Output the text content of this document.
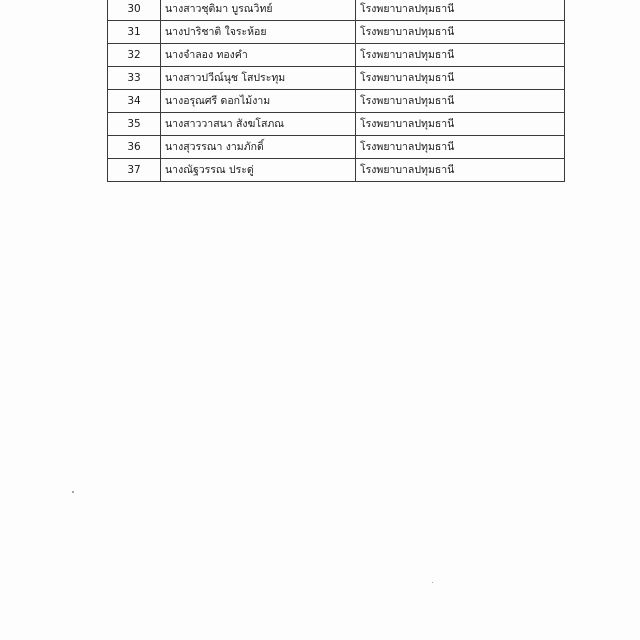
30	นางสาวชุติมา บูรณวิทย์	โรงพยาบาลปทุมธานี
31	นางปาริชาติ ใจระห้อย	โรงพยาบาลปทุมธานี
32	นางจำลอง ทองคำ	โรงพยาบาลปทุมธานี
33	นางสาวปวีณ์นุช โสประทุม	โรงพยาบาลปทุมธานี
34	นางอรุณศรี ดอกไม้งาม	โรงพยาบาลปทุมธานี
35	นางสาววาสนา สังฆโสภณ	โรงพยาบาลปทุมธานี
36	นางสุวรรณา งามภักดิ์	โรงพยาบาลปทุมธานี
37	นางณัฐวรรณ ประดู่	โรงพยาบาลปทุมธานี
